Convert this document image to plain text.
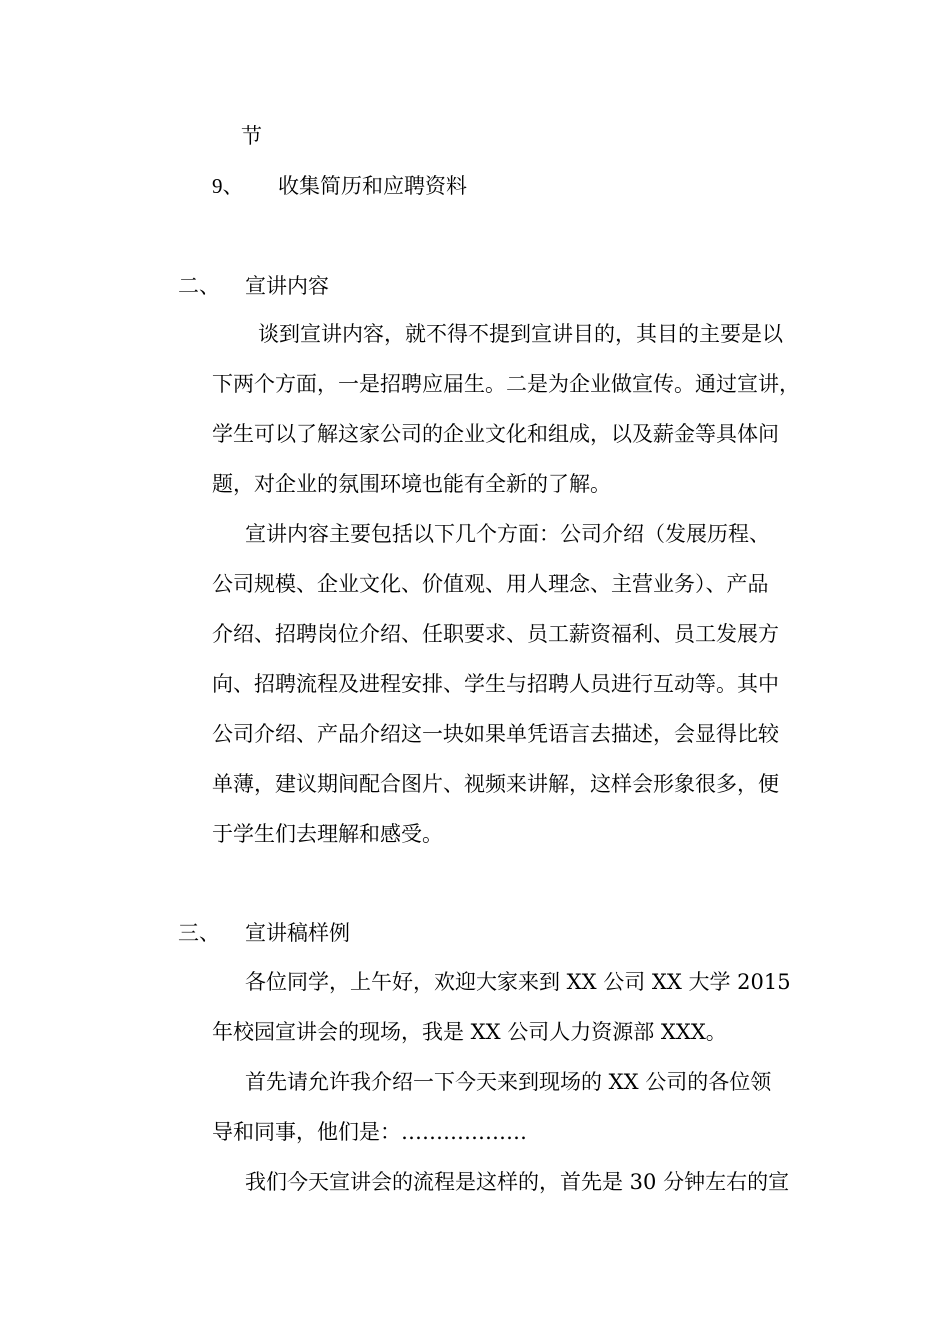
节
9、 收集简历和应聘资料
二、 宣讲内容
谈到宣讲内容，就不得不提到宣讲目的，其目的主要是以
下两个方面，一是招聘应届生。二是为企业做宣传。通过宣讲，
学生可以了解这家公司的企业文化和组成，以及薪金等具体问
题，对企业的氛围环境也能有全新的了解。
宣讲内容主要包括以下几个方面：公司介绍（发展历程、
公司规模、企业文化、价值观、用人理念、主营业务）、产品
介绍、招聘岗位介绍、任职要求、员工薪资福利、员工发展方
向、招聘流程及进程安排、学生与招聘人员进行互动等。其中
公司介绍、产品介绍这一块如果单凭语言去描述，会显得比较
单薄，建议期间配合图片、视频来讲解，这样会形象很多，便
于学生们去理解和感受。
三、 宣讲稿样例
各位同学，上午好，欢迎大家来到 XX 公司 XX 大学 2015
年校园宣讲会的现场，我是 XX 公司人力资源部 XXX。
首先请允许我介绍一下今天来到现场的 XX 公司的各位领
导和同事，他们是：………………
我们今天宣讲会的流程是这样的，首先是 30 分钟左右的宣
